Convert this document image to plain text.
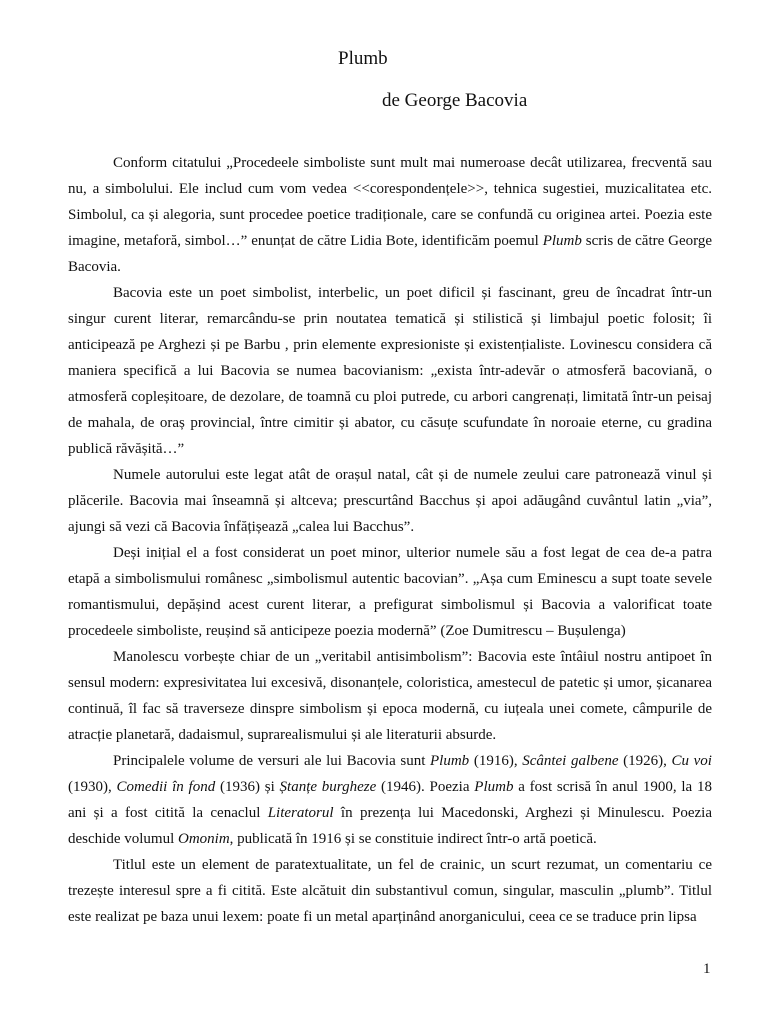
Plumb
de George Bacovia

Conform citatului „Procedeele simboliste sunt mult mai numeroase decât utilizarea, frecventă sau nu, a simbolului. Ele includ cum vom vedea <<corespondențele>>, tehnica sugestiei, muzicalitatea etc. Simbolul, ca și alegoria, sunt procedee poetice tradiționale, care se confundă cu originea artei. Poezia este imagine, metaforă, simbol…” enunțat de către Lidia Bote, identificăm poemul Plumb scris de către George Bacovia.

Bacovia este un poet simbolist, interbelic, un poet dificil și fascinant, greu de încadrat într-un singur curent literar, remarcându-se prin noutatea tematică și stilistică și limbajul poetic folosit; îi anticipează pe Arghezi și pe Barbu , prin elemente expresioniste și existențialiste. Lovinescu considera că maniera specifică a lui Bacovia se numea bacovianism: „exista într-adevăr o atmosferă bacoviană, o atmosferă copleșitoare, de dezolare, de toamnă cu ploi putrede, cu arbori cangrenați, limitată într-un peisaj de mahala, de oraș provincial, între cimitir și abator, cu căsuțe scufundate în noroaie eterne, cu gradina publică răvășită…”

Numele autorului este legat atât de orașul natal, cât și de numele zeului care patronează vinul și plăcerile. Bacovia mai înseamnă și altceva; prescurtând Bacchus și apoi adăugând cuvântul latin „via”, ajungi să vezi că Bacovia înfățișează „calea lui Bacchus”.

Deși inițial el a fost considerat un poet minor, ulterior numele său a fost legat de cea de-a patra etapă a simbolismului românesc „simbolismul autentic bacovian”. „Așa cum Eminescu a supt toate sevele romantismului, depășind acest curent literar, a prefigurat simbolismul și Bacovia a valorificat toate procedeele simboliste, reușind să anticipeze poezia modernă” (Zoe Dumitrescu – Bușulenga)

Manolescu vorbește chiar de un „veritabil antisimbolism”: Bacovia este întâiul nostru antipoet în sensul modern: expresivitatea lui excesivă, disonanțele, coloristica, amestecul de patetic și umor, șicanarea continuă, îl fac să traverseze dinspre simbolism și epoca modernă, cu iuțeala unei comete, câmpurile de atracție planetară, dadaismul, suprarealismului și ale literaturii absurde.

Principalele volume de versuri ale lui Bacovia sunt Plumb (1916), Scântei galbene (1926), Cu voi (1930), Comedii în fond (1936) și Ștanțe burgheze (1946). Poezia Plumb a fost scrisă în anul 1900, la 18 ani și a fost citită la cenaclul Literatorul în prezența lui Macedonski, Arghezi și Minulescu. Poezia deschide volumul Omonim, publicată în 1916 și se constituie indirect într-o artă poetică.

Titlul este un element de paratextualitate, un fel de crainic, un scurt rezumat, un comentariu ce trezește interesul spre a fi citită. Este alcătuit din substantivul comun, singular, masculin „plumb”. Titlul este realizat pe baza unui lexem: poate fi un metal aparținând anorganicului, ceea ce se traduce prin lipsa

1
